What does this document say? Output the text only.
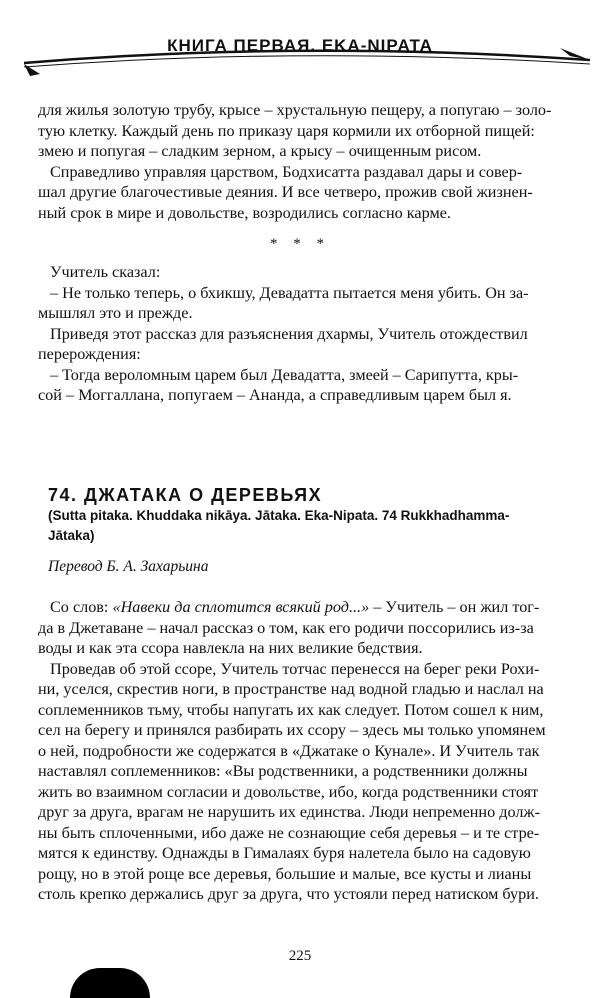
КНИГА ПЕРВАЯ. EKA-NIPATA

для жилья золотую трубу, крысе – хрустальную пещеру, а попугаю – золо-
тую клетку. Каждый день по приказу царя кормили их отборной пищей:
змею и попугая – сладким зерном, а крысу – очищенным рисом.

Справедливо управляя царством, Бодхисатта раздавал дары и совер-
шал другие благочестивые деяния. И все четверо, прожив свой жизнен-
ный срок в мире и довольстве, возродились согласно карме.

* * *

Учитель сказал:

– Не только теперь, о бхикшу, Девадатта пытается меня убить. Он за-
мышлял это и прежде.

Приведя этот рассказ для разъяснения дхармы, Учитель отождествил
перерождения:

– Тогда вероломным царем был Девадатта, змеей – Сарипутта, кры-
сой – Моггаллана, попугаем – Ананда, а справедливым царем был я.

74. ДЖАТАКА О ДЕРЕВЬЯХ
(Sutta pitaka. Khuddaka nikāya. Jātaka. Eka-Nipata. 74 Rukkhadhamma-
Jātaka)
Перевод Б. А. Захарьина

Со слов: «Навеки да сплотится всякий род...» – Учитель – он жил тог-
да в Джетаване – начал рассказ о том, как его родичи поссорились из-за
воды и как эта ссора навлекла на них великие бедствия.

Проведав об этой ссоре, Учитель тотчас перенесся на берег реки Рохи-
ни, уселся, скрестив ноги, в пространстве над водной гладью и наслал на
соплеменников тьму, чтобы напугать их как следует. Потом сошел к ним,
сел на берегу и принялся разбирать их ссору – здесь мы только упомянем
о ней, подробности же содержатся в «Джатаке о Кунале». И Учитель так
наставлял соплеменников: «Вы родственники, а родственники должны
жить во взаимном согласии и довольстве, ибо, когда родственники стоят
друг за друга, врагам не нарушить их единства. Люди непременно долж-
ны быть сплоченными, ибо даже не сознающие себя деревья – и те стре-
мятся к единству. Однажды в Гималаях буря налетела было на садовую
рощу, но в этой роще все деревья, большие и малые, все кусты и лианы
столь крепко держались друг за друга, что устояли перед натиском бури.

225
